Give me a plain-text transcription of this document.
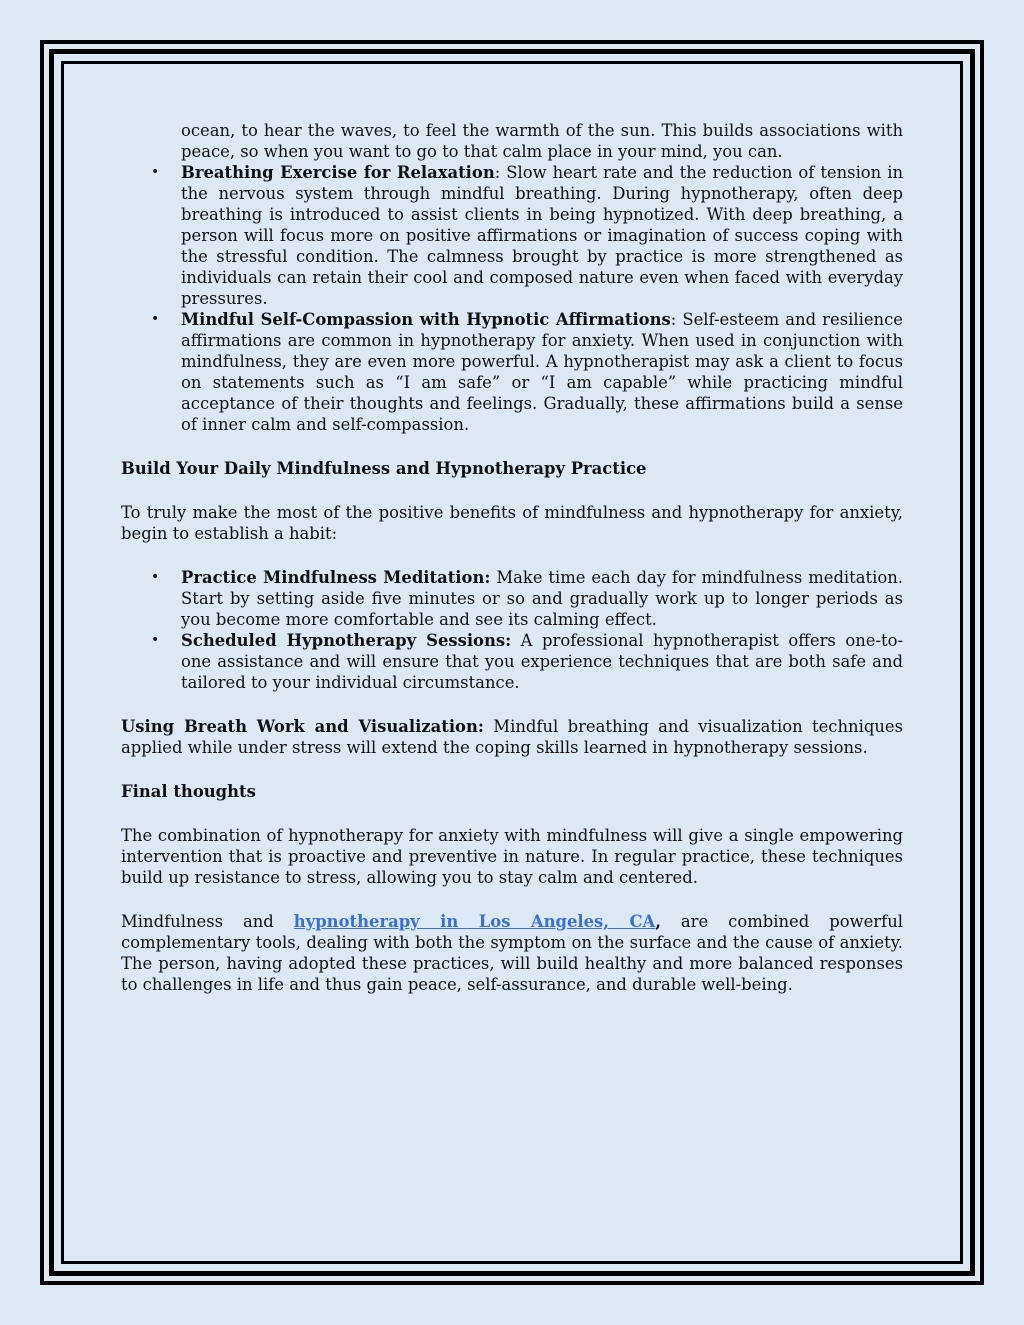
ocean, to hear the waves, to feel the warmth of the sun. This builds associations with peace, so when you want to go to that calm place in your mind, you can.
• Breathing Exercise for Relaxation: Slow heart rate and the reduction of tension in the nervous system through mindful breathing. During hypnotherapy, often deep breathing is introduced to assist clients in being hypnotized. With deep breathing, a person will focus more on positive affirmations or imagination of success coping with the stressful condition. The calmness brought by practice is more strengthened as individuals can retain their cool and composed nature even when faced with everyday pressures.
• Mindful Self-Compassion with Hypnotic Affirmations: Self-esteem and resilience affirmations are common in hypnotherapy for anxiety. When used in conjunction with mindfulness, they are even more powerful. A hypnotherapist may ask a client to focus on statements such as “I am safe” or “I am capable” while practicing mindful acceptance of their thoughts and feelings. Gradually, these affirmations build a sense of inner calm and self-compassion.

Build Your Daily Mindfulness and Hypnotherapy Practice

To truly make the most of the positive benefits of mindfulness and hypnotherapy for anxiety, begin to establish a habit:

• Practice Mindfulness Meditation: Make time each day for mindfulness meditation. Start by setting aside five minutes or so and gradually work up to longer periods as you become more comfortable and see its calming effect.
• Scheduled Hypnotherapy Sessions: A professional hypnotherapist offers one-to-one assistance and will ensure that you experience techniques that are both safe and tailored to your individual circumstance.

Using Breath Work and Visualization: Mindful breathing and visualization techniques applied while under stress will extend the coping skills learned in hypnotherapy sessions.

Final thoughts

The combination of hypnotherapy for anxiety with mindfulness will give a single empowering intervention that is proactive and preventive in nature. In regular practice, these techniques build up resistance to stress, allowing you to stay calm and centered.

Mindfulness and hypnotherapy in Los Angeles, CA, are combined powerful complementary tools, dealing with both the symptom on the surface and the cause of anxiety. The person, having adopted these practices, will build healthy and more balanced responses to challenges in life and thus gain peace, self-assurance, and durable well-being.
